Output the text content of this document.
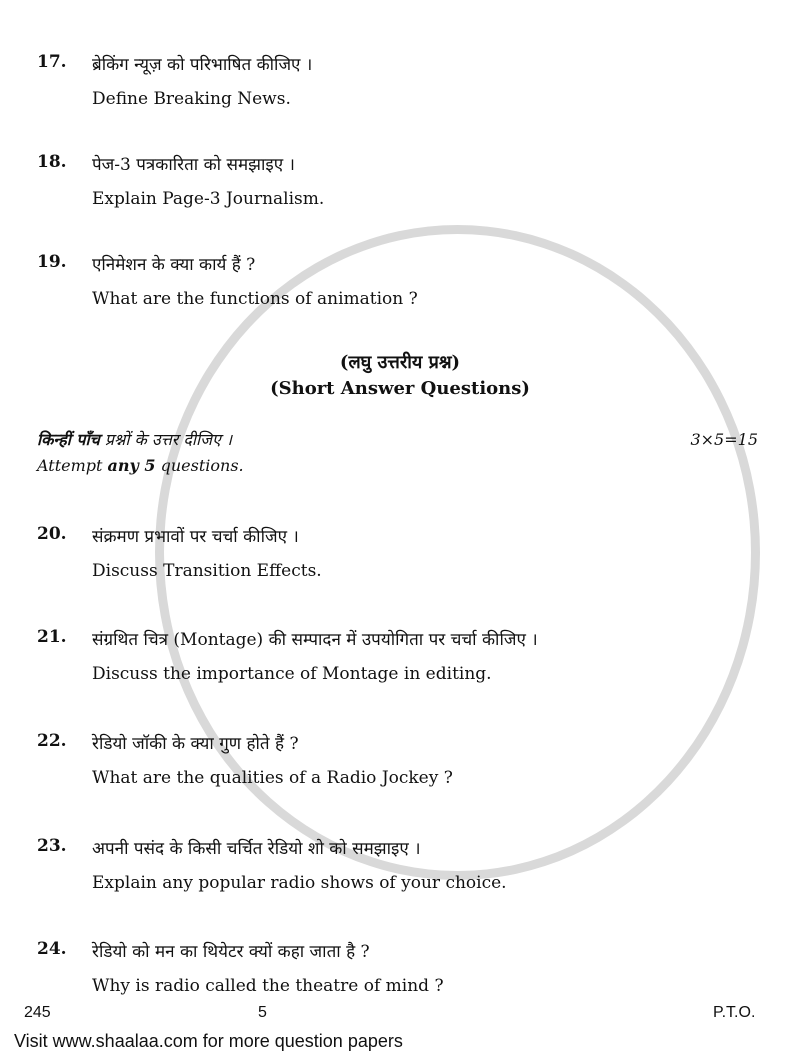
17. ब्रेकिंग न्यूज़ को परिभाषित कीजिए ।
Define Breaking News.
18. पेज-3 पत्रकारिता को समझाइए ।
Explain Page-3 Journalism.
19. एनिमेशन के क्या कार्य हैं ?
What are the functions of animation ?
(लघु उत्तरीय प्रश्न)
(Short Answer Questions)
किन्हीं पाँच प्रश्नों के उत्तर दीजिए ।	3×5=15
Attempt any 5 questions.
20. संक्रमण प्रभावों पर चर्चा कीजिए ।
Discuss Transition Effects.
21. संग्रथित चित्र (Montage) की सम्पादन में उपयोगिता पर चर्चा कीजिए ।
Discuss the importance of Montage in editing.
22. रेडियो जॉकी के क्या गुण होते हैं ?
What are the qualities of a Radio Jockey ?
23. अपनी पसंद के किसी चर्चित रेडियो शो को समझाइए ।
Explain any popular radio shows of your choice.
24. रेडियो को मन का थियेटर क्यों कहा जाता है ?
Why is radio called the theatre of mind ?
245	5	P.T.O.
Visit www.shaalaa.com for more question papers
